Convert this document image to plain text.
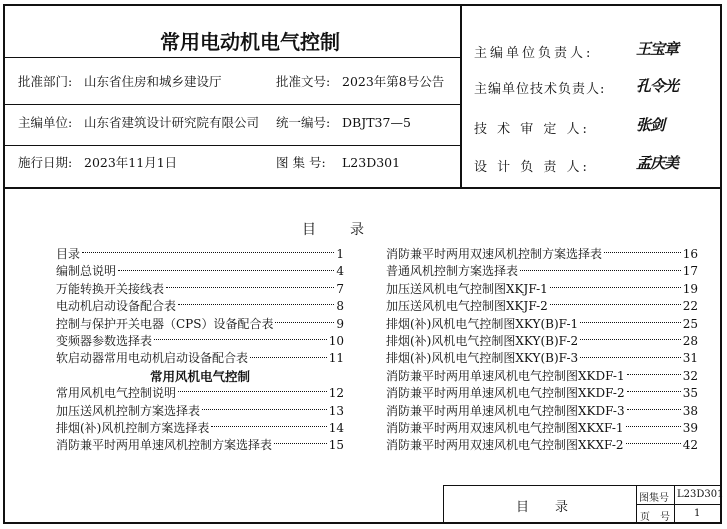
常用电动机电气控制
批准部门: 山东省住房和城乡建设厅	批准文号: 2023年第8号公告
主编单位: 山东省建筑设计研究院有限公司 统一编号: DBJT37—5
施行日期: 2023年11月1日	图 集 号: L23D301
主编单位负责人:	王宝章
主编单位技术负责人: 孔令光
技 术 审 定 人:	张剑
设 计 负 责 人:	孟庆美
目　　录
目录	1
编制总说明	4
万能转换开关接线表	7
电动机启动设备配合表	8
控制与保护开关电器（CPS）设备配合表	9
变频器参数选择表	10
软启动器常用电动机启动设备配合表	11
常用风机电气控制
常用风机电气控制说明	12
加压送风机控制方案选择表	13
排烟(补)风机控制方案选择表	14
消防兼平时两用单速风机控制方案选择表	15
消防兼平时两用双速风机控制方案选择表	16
普通风机控制方案选择表	17
加压送风机电气控制图XKJF-1	19
加压送风机电气控制图XKJF-2	22
排烟(补)风机电气控制图XKY(B)F-1	25
排烟(补)风机电气控制图XKY(B)F-2	28
排烟(补)风机电气控制图XKY(B)F-3	31
消防兼平时两用单速风机电气控制图XKDF-1	32
消防兼平时两用单速风机电气控制图XKDF-2	35
消防兼平时两用单速风机电气控制图XKDF-3	38
消防兼平时两用双速风机电气控制图XKXF-1	39
消防兼平时两用双速风机电气控制图XKXF-2	42
目　　录
图集号 L23D301
页　号 1
